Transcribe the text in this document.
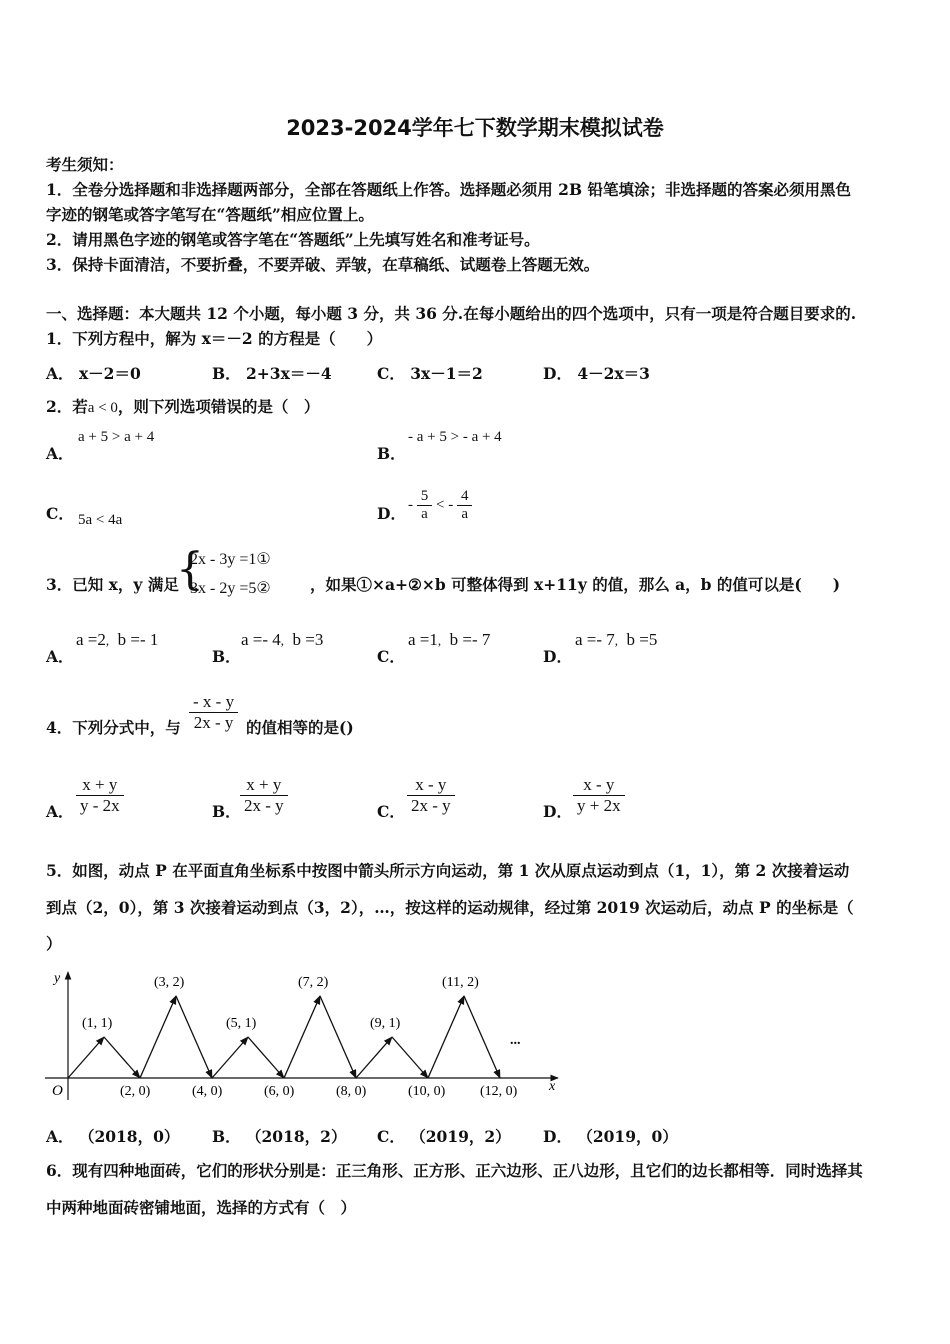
2023-2024学年七下数学期末模拟试卷
考生须知：
1．全卷分选择题和非选择题两部分，全部在答题纸上作答。选择题必须用 2B 铅笔填涂；非选择题的答案必须用黑色
字迹的钢笔或答字笔写在“答题纸”相应位置上。
2．请用黑色字迹的钢笔或答字笔在“答题纸”上先填写姓名和准考证号。
3．保持卡面清洁，不要折叠，不要弄破、弄皱，在草稿纸、试题卷上答题无效。
一、选择题：本大题共 12 个小题，每小题 3 分，共 36 分.在每小题给出的四个选项中，只有一项是符合题目要求的.
1．下列方程中，解为 x＝－2 的方程是（　　）
A． x－2＝0	B． 2+3x＝－4	C． 3x－1＝2	D． 4－2x＝3
2．若a < 0，则下列选项错误的是（　）
A．
a + 5 > a + 4
B．
- a + 5 > - a + 4
C． 5a < 4a	D． - $\frac{5}{a}$ < - $\frac{4}{a}$
3．已知 x，y 满足
{
2x - 3y =1①
3x - 2y =5②	，如果①×a+②×b 可整体得到 x+11y 的值，那么 a，b 的值可以是(　　)
A．
a =2, b =- 1
B．
a =- 4, b =3
C．
a =1, b =- 7
D．
a =- 7, b =5
4．下列分式中，与 $\frac{- x - y}{2x - y}$ 的值相等的是()
A． $\frac{x + y}{y - 2x}$	B． $\frac{x + y}{2x - y}$	C． $\frac{x - y}{2x - y}$	D． $\frac{x - y}{y + 2x}$
5．如图，动点 P 在平面直角坐标系中按图中箭头所示方向运动，第 1 次从原点运动到点（1，1），第 2 次接着运动
到点（2，0），第 3 次接着运动到点（3，2），…，按这样的运动规律，经过第 2019 次运动后，动点 P 的坐标是（
）
y
x
O
...
(1, 1)
(3, 2)
(5, 1)
(7, 2)
(9, 1)
(11, 2)
(2, 0)	(4, 0)	(6, 0)	(8, 0)	(10, 0) (12, 0)
A． （2018，0） B． （2018，2） C． （2019，2） D． （2019，0）
6．现有四种地面砖，它们的形状分别是：正三角形、正方形、正六边形、正八边形，且它们的边长都相等．同时选择其
中两种地面砖密铺地面，选择的方式有（　）
